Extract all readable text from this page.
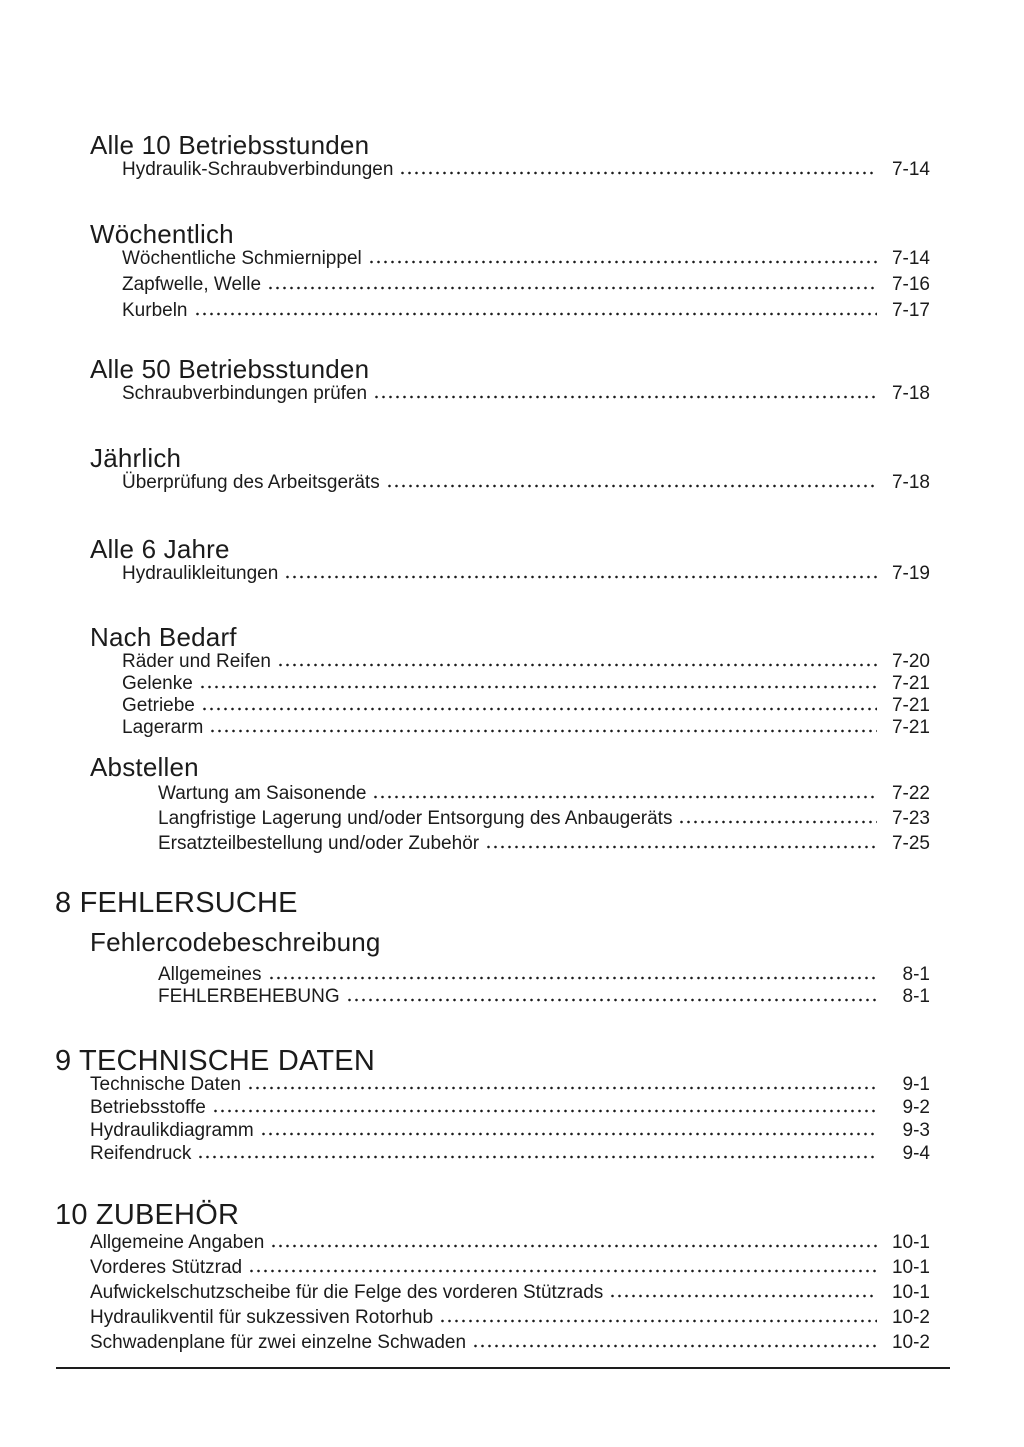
Alle 10 Betriebsstunden
Hydraulik-Schraubverbindungen	7-14
Wöchentlich
Wöchentliche Schmiernippel	7-14
Zapfwelle, Welle	7-16
Kurbeln	7-17
Alle 50 Betriebsstunden
Schraubverbindungen prüfen	7-18
Jährlich
Überprüfung des Arbeitsgeräts	7-18
Alle 6 Jahre
Hydraulikleitungen	7-19
Nach Bedarf
Räder und Reifen	7-20
Gelenke	7-21
Getriebe	7-21
Lagerarm	7-21
Abstellen
Wartung am Saisonende	7-22
Langfristige Lagerung und/oder Entsorgung des Anbaugeräts	7-23
Ersatzteilbestellung und/oder Zubehör	7-25
8 FEHLERSUCHE
Fehlercodebeschreibung
Allgemeines	8-1
FEHLERBEHEBUNG	8-1
9 TECHNISCHE DATEN
Technische Daten	9-1
Betriebsstoffe	9-2
Hydraulikdiagramm	9-3
Reifendruck	9-4
10 ZUBEHÖR
Allgemeine Angaben	10-1
Vorderes Stützrad	10-1
Aufwickelschutzscheibe für die Felge des vorderen Stützrads	10-1
Hydraulikventil für sukzessiven Rotorhub	10-2
Schwadenplane für zwei einzelne Schwaden	10-2
